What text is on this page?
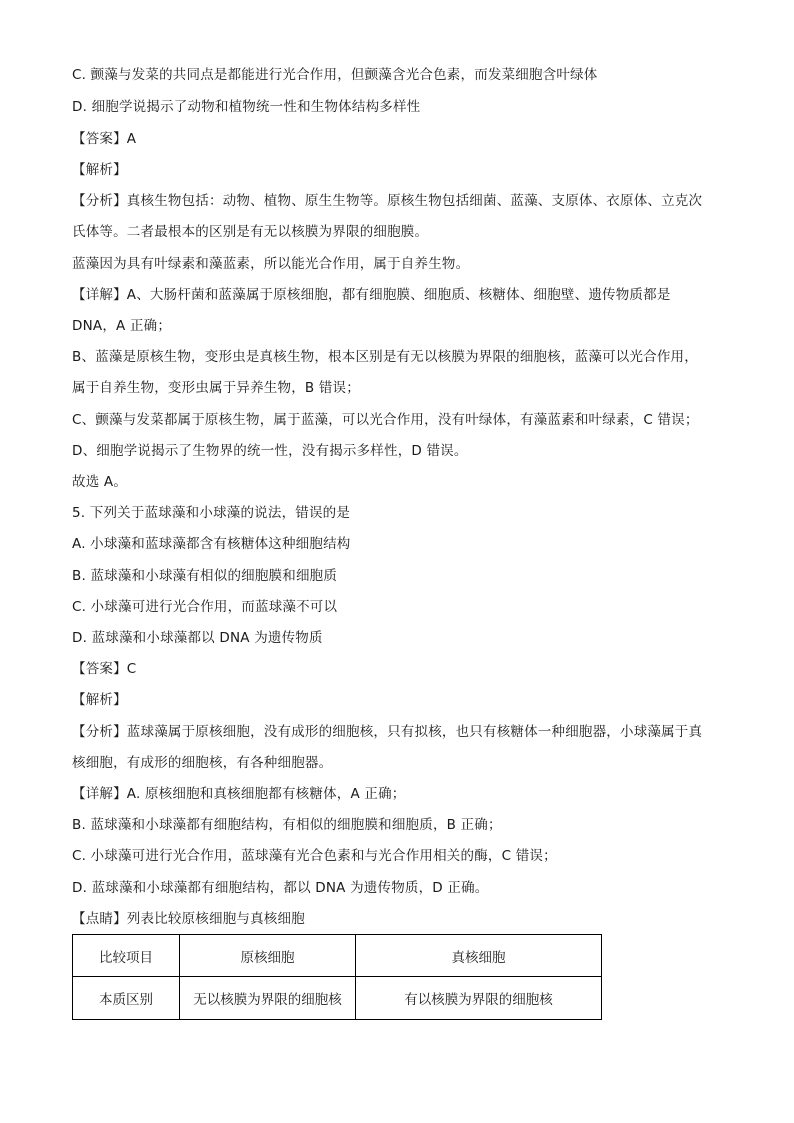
C. 颤藻与发菜的共同点是都能进行光合作用，但颤藻含光合色素，而发菜细胞含叶绿体
D. 细胞学说揭示了动物和植物统一性和生物体结构多样性
【答案】A
【解析】
【分析】真核生物包括：动物、植物、原生生物等。原核生物包括细菌、蓝藻、支原体、衣原体、立克次
氏体等。二者最根本的区别是有无以核膜为界限的细胞膜。
蓝藻因为具有叶绿素和藻蓝素，所以能光合作用，属于自养生物。
【详解】A、大肠杆菌和蓝藻属于原核细胞，都有细胞膜、细胞质、核糖体、细胞壁、遗传物质都是
DNA，A 正确；
B、蓝藻是原核生物，变形虫是真核生物，根本区别是有无以核膜为界限的细胞核，蓝藻可以光合作用，
属于自养生物，变形虫属于异养生物，B 错误；
C、颤藻与发菜都属于原核生物，属于蓝藻，可以光合作用，没有叶绿体，有藻蓝素和叶绿素，C 错误；
D、细胞学说揭示了生物界的统一性，没有揭示多样性，D 错误。
故选 A。
5. 下列关于蓝球藻和小球藻的说法，错误的是
A. 小球藻和蓝球藻都含有核糖体这种细胞结构
B. 蓝球藻和小球藻有相似的细胞膜和细胞质
C. 小球藻可进行光合作用，而蓝球藻不可以
D. 蓝球藻和小球藻都以 DNA 为遗传物质
【答案】C
【解析】
【分析】蓝球藻属于原核细胞，没有成形的细胞核，只有拟核，也只有核糖体一种细胞器，小球藻属于真
核细胞，有成形的细胞核，有各种细胞器。
【详解】A. 原核细胞和真核细胞都有核糖体，A 正确；
B. 蓝球藻和小球藻都有细胞结构，有相似的细胞膜和细胞质，B 正确；
C. 小球藻可进行光合作用，蓝球藻有光合色素和与光合作用相关的酶，C 错误；
D. 蓝球藻和小球藻都有细胞结构，都以 DNA 为遗传物质，D 正确。
【点睛】列表比较原核细胞与真核细胞
比较项目	原核细胞	真核细胞
本质区别	无以核膜为界限的细胞核	有以核膜为界限的细胞核
